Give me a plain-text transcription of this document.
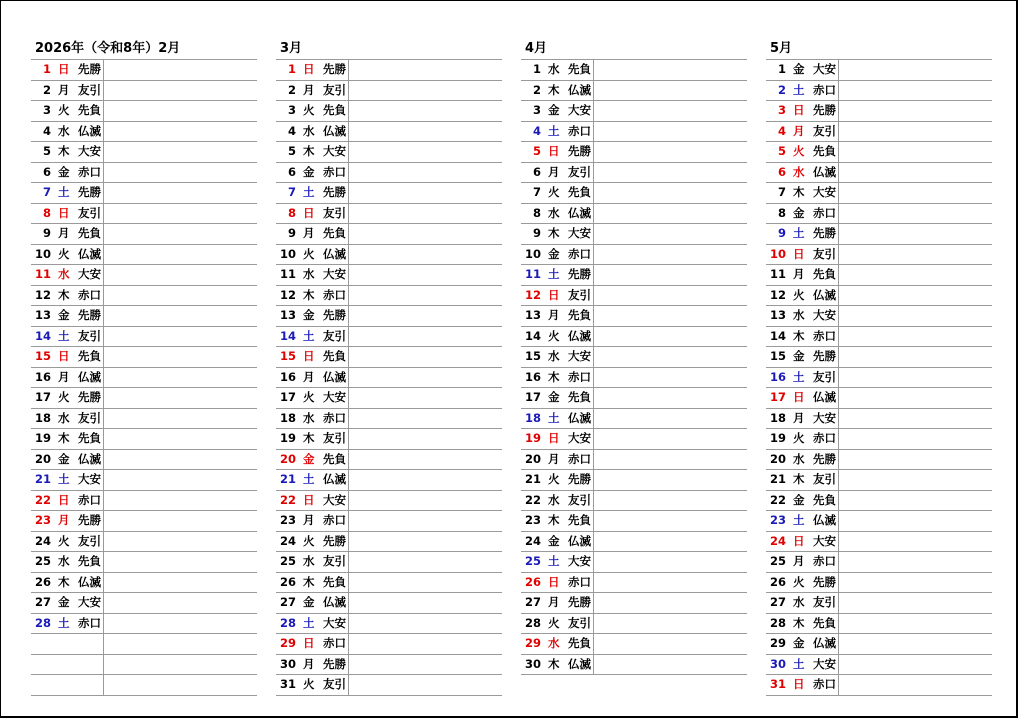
2026年（令和8年）2月
1 日 先勝
2 月 友引
3 火 先負
4 水 仏滅
5 木 大安
6 金 赤口
7 土 先勝
8 日 友引
9 月 先負
10 火 仏滅
11 水 大安
12 木 赤口
13 金 先勝
14 土 友引
15 日 先負
16 月 仏滅
17 火 先勝
18 水 友引
19 木 先負
20 金 仏滅
21 土 大安
22 日 赤口
23 月 先勝
24 火 友引
25 水 先負
26 木 仏滅
27 金 大安
28 土 赤口
3月
1 日 先勝
2 月 友引
3 火 先負
4 水 仏滅
5 木 大安
6 金 赤口
7 土 先勝
8 日 友引
9 月 先負
10 火 仏滅
11 水 大安
12 木 赤口
13 金 先勝
14 土 友引
15 日 先負
16 月 仏滅
17 火 大安
18 水 赤口
19 木 友引
20 金 先負
21 土 仏滅
22 日 大安
23 月 赤口
24 火 先勝
25 水 友引
26 木 先負
27 金 仏滅
28 土 大安
29 日 赤口
30 月 先勝
31 火 友引
4月
1 水 先負
2 木 仏滅
3 金 大安
4 土 赤口
5 日 先勝
6 月 友引
7 火 先負
8 水 仏滅
9 木 大安
10 金 赤口
11 土 先勝
12 日 友引
13 月 先負
14 火 仏滅
15 水 大安
16 木 赤口
17 金 先負
18 土 仏滅
19 日 大安
20 月 赤口
21 火 先勝
22 水 友引
23 木 先負
24 金 仏滅
25 土 大安
26 日 赤口
27 月 先勝
28 火 友引
29 水 先負
30 木 仏滅
5月
1 金 大安
2 土 赤口
3 日 先勝
4 月 友引
5 火 先負
6 水 仏滅
7 木 大安
8 金 赤口
9 土 先勝
10 日 友引
11 月 先負
12 火 仏滅
13 水 大安
14 木 赤口
15 金 先勝
16 土 友引
17 日 仏滅
18 月 大安
19 火 赤口
20 水 先勝
21 木 友引
22 金 先負
23 土 仏滅
24 日 大安
25 月 赤口
26 火 先勝
27 水 友引
28 木 先負
29 金 仏滅
30 土 大安
31 日 赤口
